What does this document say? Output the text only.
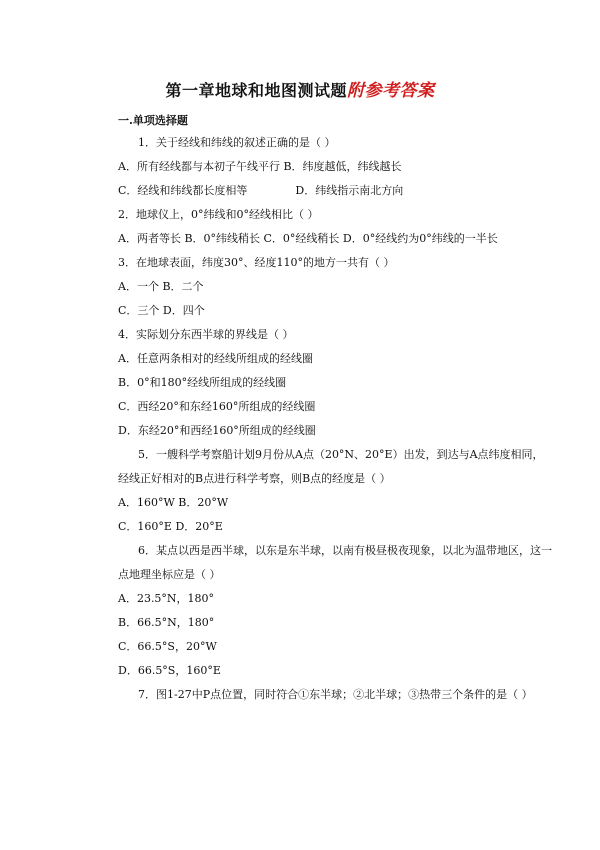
第一章地球和地图测试题附参考答案
一.单项选择题
1．关于经线和纬线的叙述正确的是（ ）
A．所有经线都与本初子午线平行 B．纬度越低，纬线越长
C．经线和纬线都长度相等	D．纬线指示南北方向
2．地球仪上，0°纬线和0°经线相比（ ）
A．两者等长 B．0°纬线稍长 C．0°经线稍长 D．0°经线约为0°纬线的一半长
3．在地球表面，纬度30°、经度110°的地方一共有（ ）
A．一个 B．二个
C．三个 D．四个
4．实际划分东西半球的界线是（ ）
A．任意两条相对的经线所组成的经线圈
B．0°和180°经线所组成的经线圈
C．西经20°和东经160°所组成的经线圈
D．东经20°和西经160°所组成的经线圈
5．一艘科学考察船计划9月份从A点（20°N、20°E）出发，到达与A点纬度相同，
经线正好相对的B点进行科学考察，则B点的经度是（ ）
A．160°W B．20°W
C．160°E D．20°E
6．某点以西是西半球，以东是东半球，以南有极昼极夜现象，以北为温带地区，这一
点地理坐标应是（ ）
A．23.5°N，180°
B．66.5°N，180°
C．66.5°S，20°W
D．66.5°S，160°E
7．图1-27中P点位置，同时符合①东半球；②北半球；③热带三个条件的是（ ）
